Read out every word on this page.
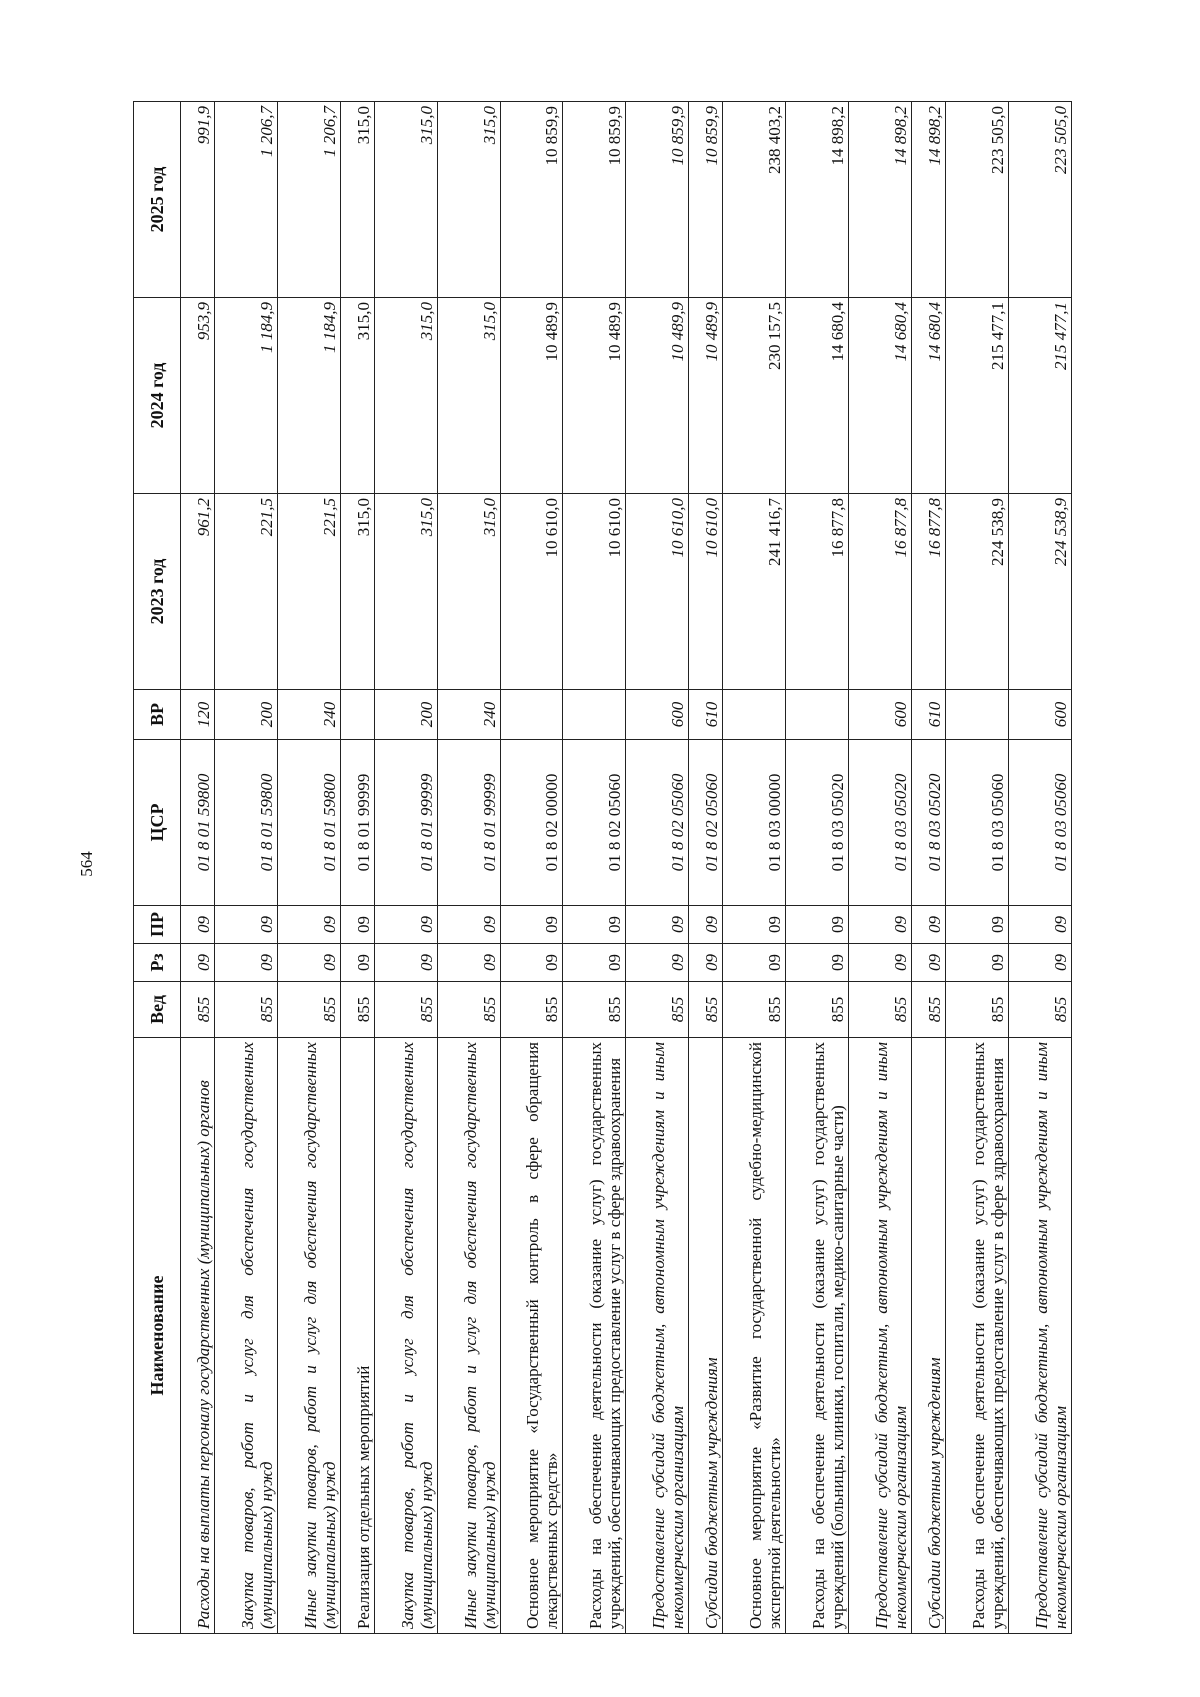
564
Наименование	Вед	Рз	ПР	ЦСР	ВР	2023 год	2024 год	2025 год
Расходы на выплаты персоналу государственных (муниципальных) органов	855	09	09	01 8 01 59800	120	961,2	953,9	991,9
Закупка товаров, работ и услуг для обеспечения государственных (муниципальных) нужд	855	09	09	01 8 01 59800	200	221,5	1 184,9	1 206,7
Иные закупки товаров, работ и услуг для обеспечения государственных (муниципальных) нужд	855	09	09	01 8 01 59800	240	221,5	1 184,9	1 206,7
Реализация отдельных мероприятий	855	09	09	01 8 01 99999		315,0	315,0	315,0
Закупка товаров, работ и услуг для обеспечения государственных (муниципальных) нужд	855	09	09	01 8 01 99999	200	315,0	315,0	315,0
Иные закупки товаров, работ и услуг для обеспечения государственных (муниципальных) нужд	855	09	09	01 8 01 99999	240	315,0	315,0	315,0
Основное мероприятие «Государственный контроль в сфере обращения лекарственных средств»	855	09	09	01 8 02 00000		10 610,0	10 489,9	10 859,9
Расходы на обеспечение деятельности (оказание услуг) государственных учреждений, обеспечивающих предоставление услуг в сфере здравоохранения	855	09	09	01 8 02 05060		10 610,0	10 489,9	10 859,9
Предоставление субсидий бюджетным, автономным учреждениям и иным некоммерческим организациям	855	09	09	01 8 02 05060	600	10 610,0	10 489,9	10 859,9
Субсидии бюджетным учреждениям	855	09	09	01 8 02 05060	610	10 610,0	10 489,9	10 859,9
Основное мероприятие «Развитие государственной судебно-медицинской экспертной деятельности»	855	09	09	01 8 03 00000		241 416,7	230 157,5	238 403,2
Расходы на обеспечение деятельности (оказание услуг) государственных учреждений (больницы, клиники, госпитали, медико-санитарные части)	855	09	09	01 8 03 05020		16 877,8	14 680,4	14 898,2
Предоставление субсидий бюджетным, автономным учреждениям и иным некоммерческим организациям	855	09	09	01 8 03 05020	600	16 877,8	14 680,4	14 898,2
Субсидии бюджетным учреждениям	855	09	09	01 8 03 05020	610	16 877,8	14 680,4	14 898,2
Расходы на обеспечение деятельности (оказание услуг) государственных учреждений, обеспечивающих предоставление услуг в сфере здравоохранения	855	09	09	01 8 03 05060		224 538,9	215 477,1	223 505,0
Предоставление субсидий бюджетным, автономным учреждениям и иным некоммерческим организациям	855	09	09	01 8 03 05060	600	224 538,9	215 477,1	223 505,0
